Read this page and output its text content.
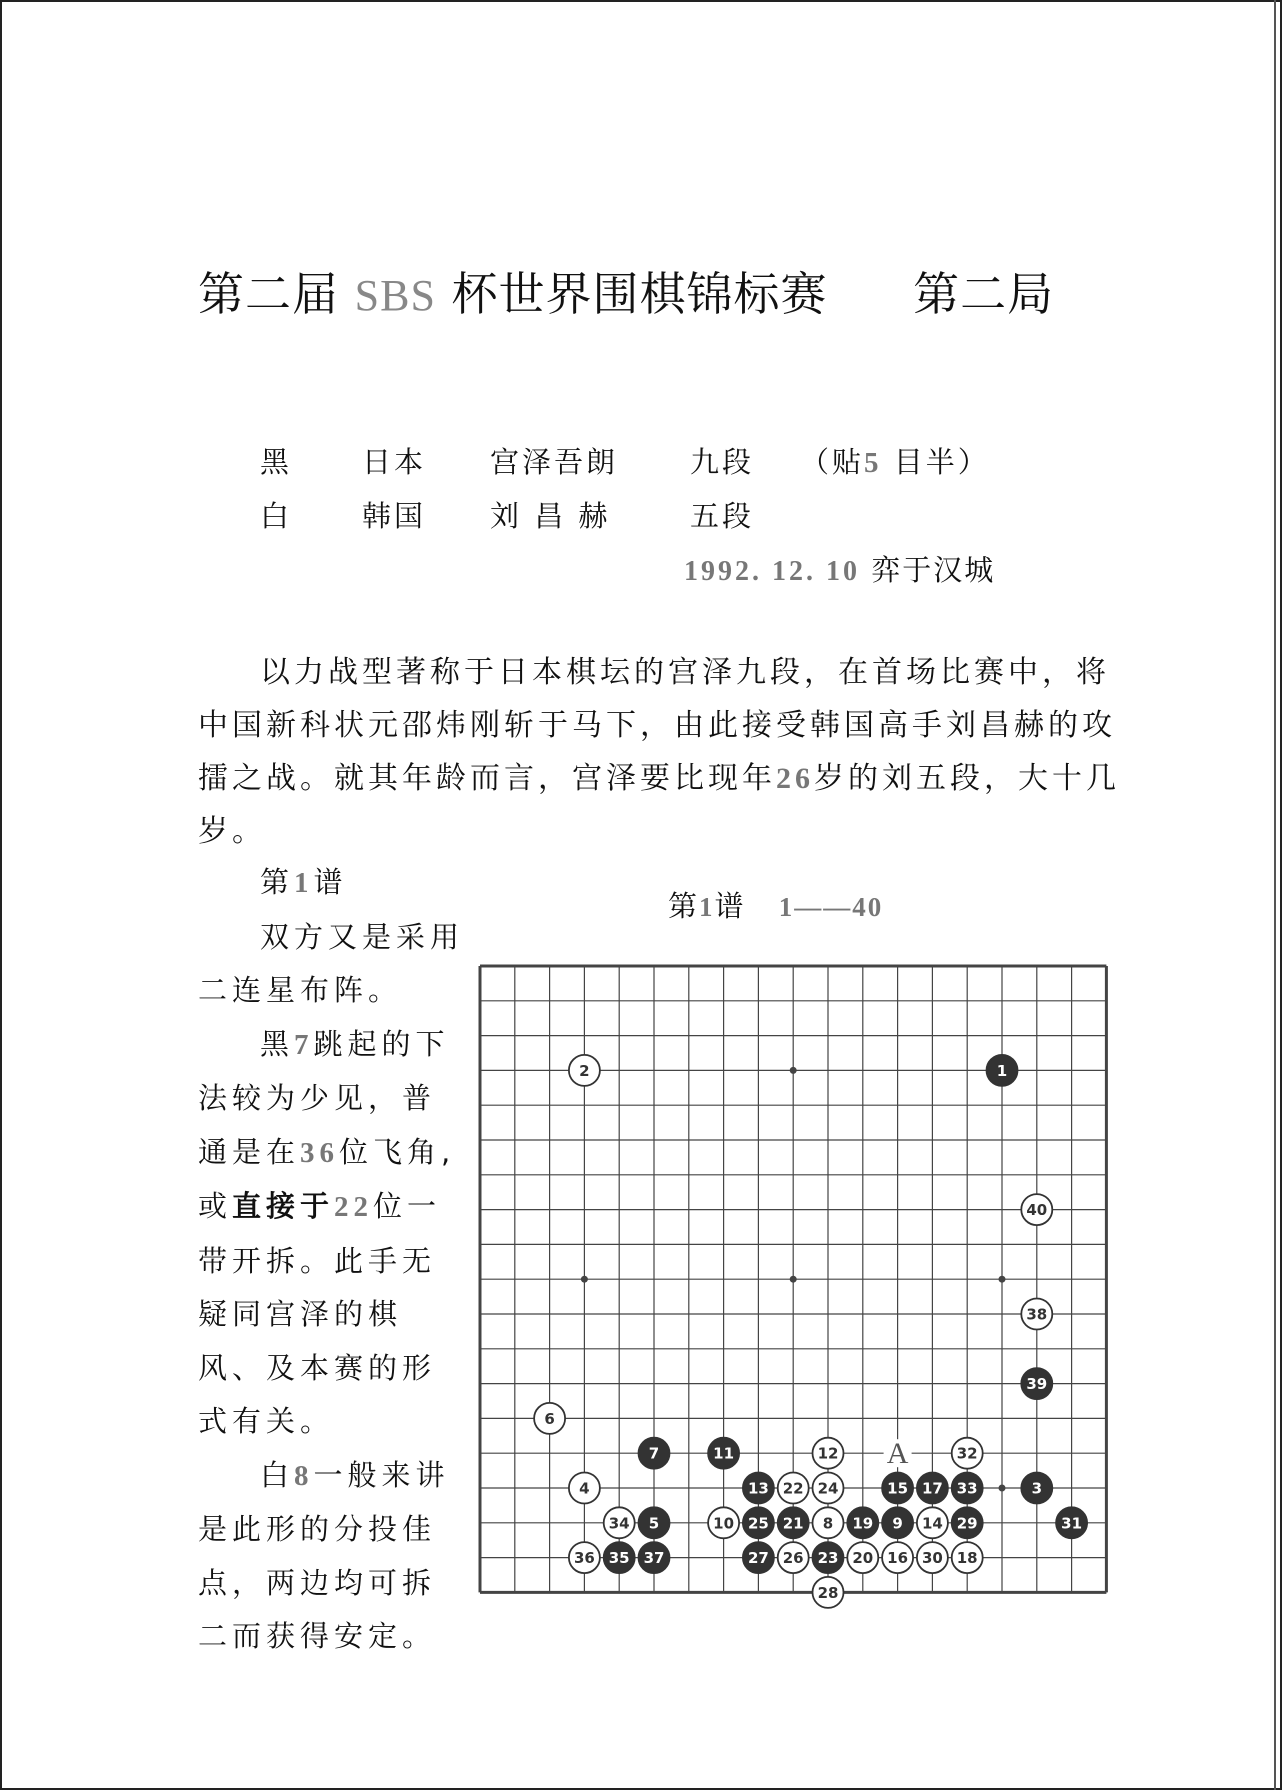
第二届 SBS 杯世界围棋锦标赛 第二局
黑 日本 宫泽吾朗 九段 （贴5 目半）
白 韩国 刘 昌 赫	五段
1992. 12. 10 弈于汉城

以力战型著称于日本棋坛的宫泽九段，在首场比赛中，将中国新科状元邵炜刚斩于马下，由此接受韩国高手刘昌赫的攻擂之战。就其年龄而言，宫泽要比现年26岁的刘五段，大十几岁。

第1谱

双方又是采用二连星布阵。

黑7跳起的下法较为少见，普通是在36位飞角,或直接于22位一带开拆。此手无疑同宫泽的棋风、及本赛的形式有关。

白8一般来讲是此形的分投佳点，两边均可拆二而获得安定。

第1谱 1——40
1
2
3
4
5
6
7
8	9
10
11	12
13
14
15
16
17
18
19
20
21
22
23
24
25
26
27
28
29
30
31
32
33
34
35
36	37
38
39
40
A
